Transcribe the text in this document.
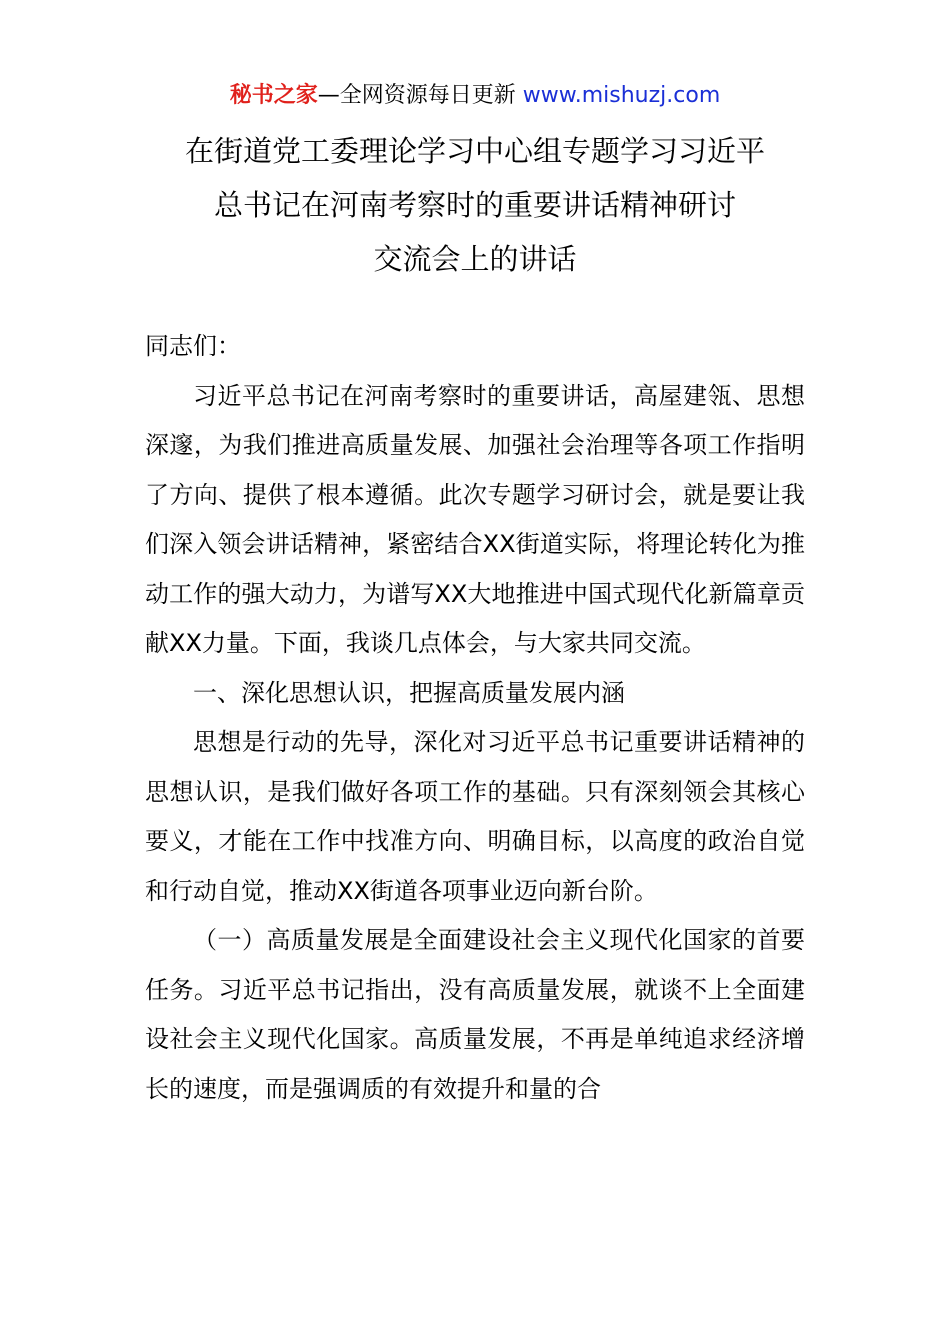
秘书之家—全网资源每日更新 www.mishuzj.com
在街道党工委理论学习中心组专题学习习近平
总书记在河南考察时的重要讲话精神研讨
交流会上的讲话

同志们：

习近平总书记在河南考察时的重要讲话，高屋建瓴、思想深邃，为我们推进高质量发展、加强社会治理等各项工作指明了方向、提供了根本遵循。此次专题学习研讨会，就是要让我们深入领会讲话精神，紧密结合XX街道实际，将理论转化为推动工作的强大动力，为谱写XX大地推进中国式现代化新篇章贡献XX力量。下面，我谈几点体会，与大家共同交流。

一、深化思想认识，把握高质量发展内涵

思想是行动的先导，深化对习近平总书记重要讲话精神的思想认识，是我们做好各项工作的基础。只有深刻领会其核心要义，才能在工作中找准方向、明确目标，以高度的政治自觉和行动自觉，推动XX街道各项事业迈向新台阶。

（一）高质量发展是全面建设社会主义现代化国家的首要任务。习近平总书记指出，没有高质量发展，就谈不上全面建设社会主义现代化国家。高质量发展，不再是单纯追求经济增长的速度，而是强调质的有效提升和量的合
